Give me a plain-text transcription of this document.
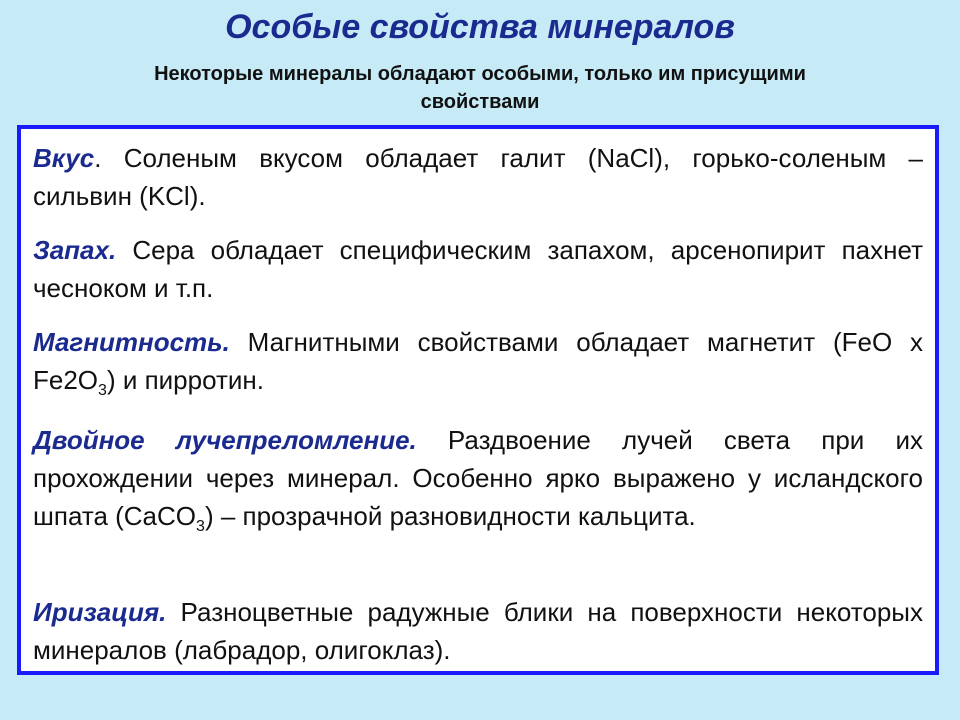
Особые свойства минералов

Некоторые минералы обладают особыми, только им присущими свойствами

Вкус. Соленым вкусом обладает галит (NaCl), горько-соленым – сильвин (KCl).

Запах. Сера обладает специфическим запахом, арсенопирит пахнет чесноком и т.п.

Магнитность. Магнитными свойствами обладает магнетит (FeO x $Fe2O_3$) и пирротин.

Двойное лучепреломление. Раздвоение лучей света при их прохождении через минерал. Особенно ярко выражено у исландского шпата (CaCO$_3$) – прозрачной разновидности кальцита.

Иризация. Разноцветные радужные блики на поверхности некоторых минералов (лабрадор, олигоклаз).
